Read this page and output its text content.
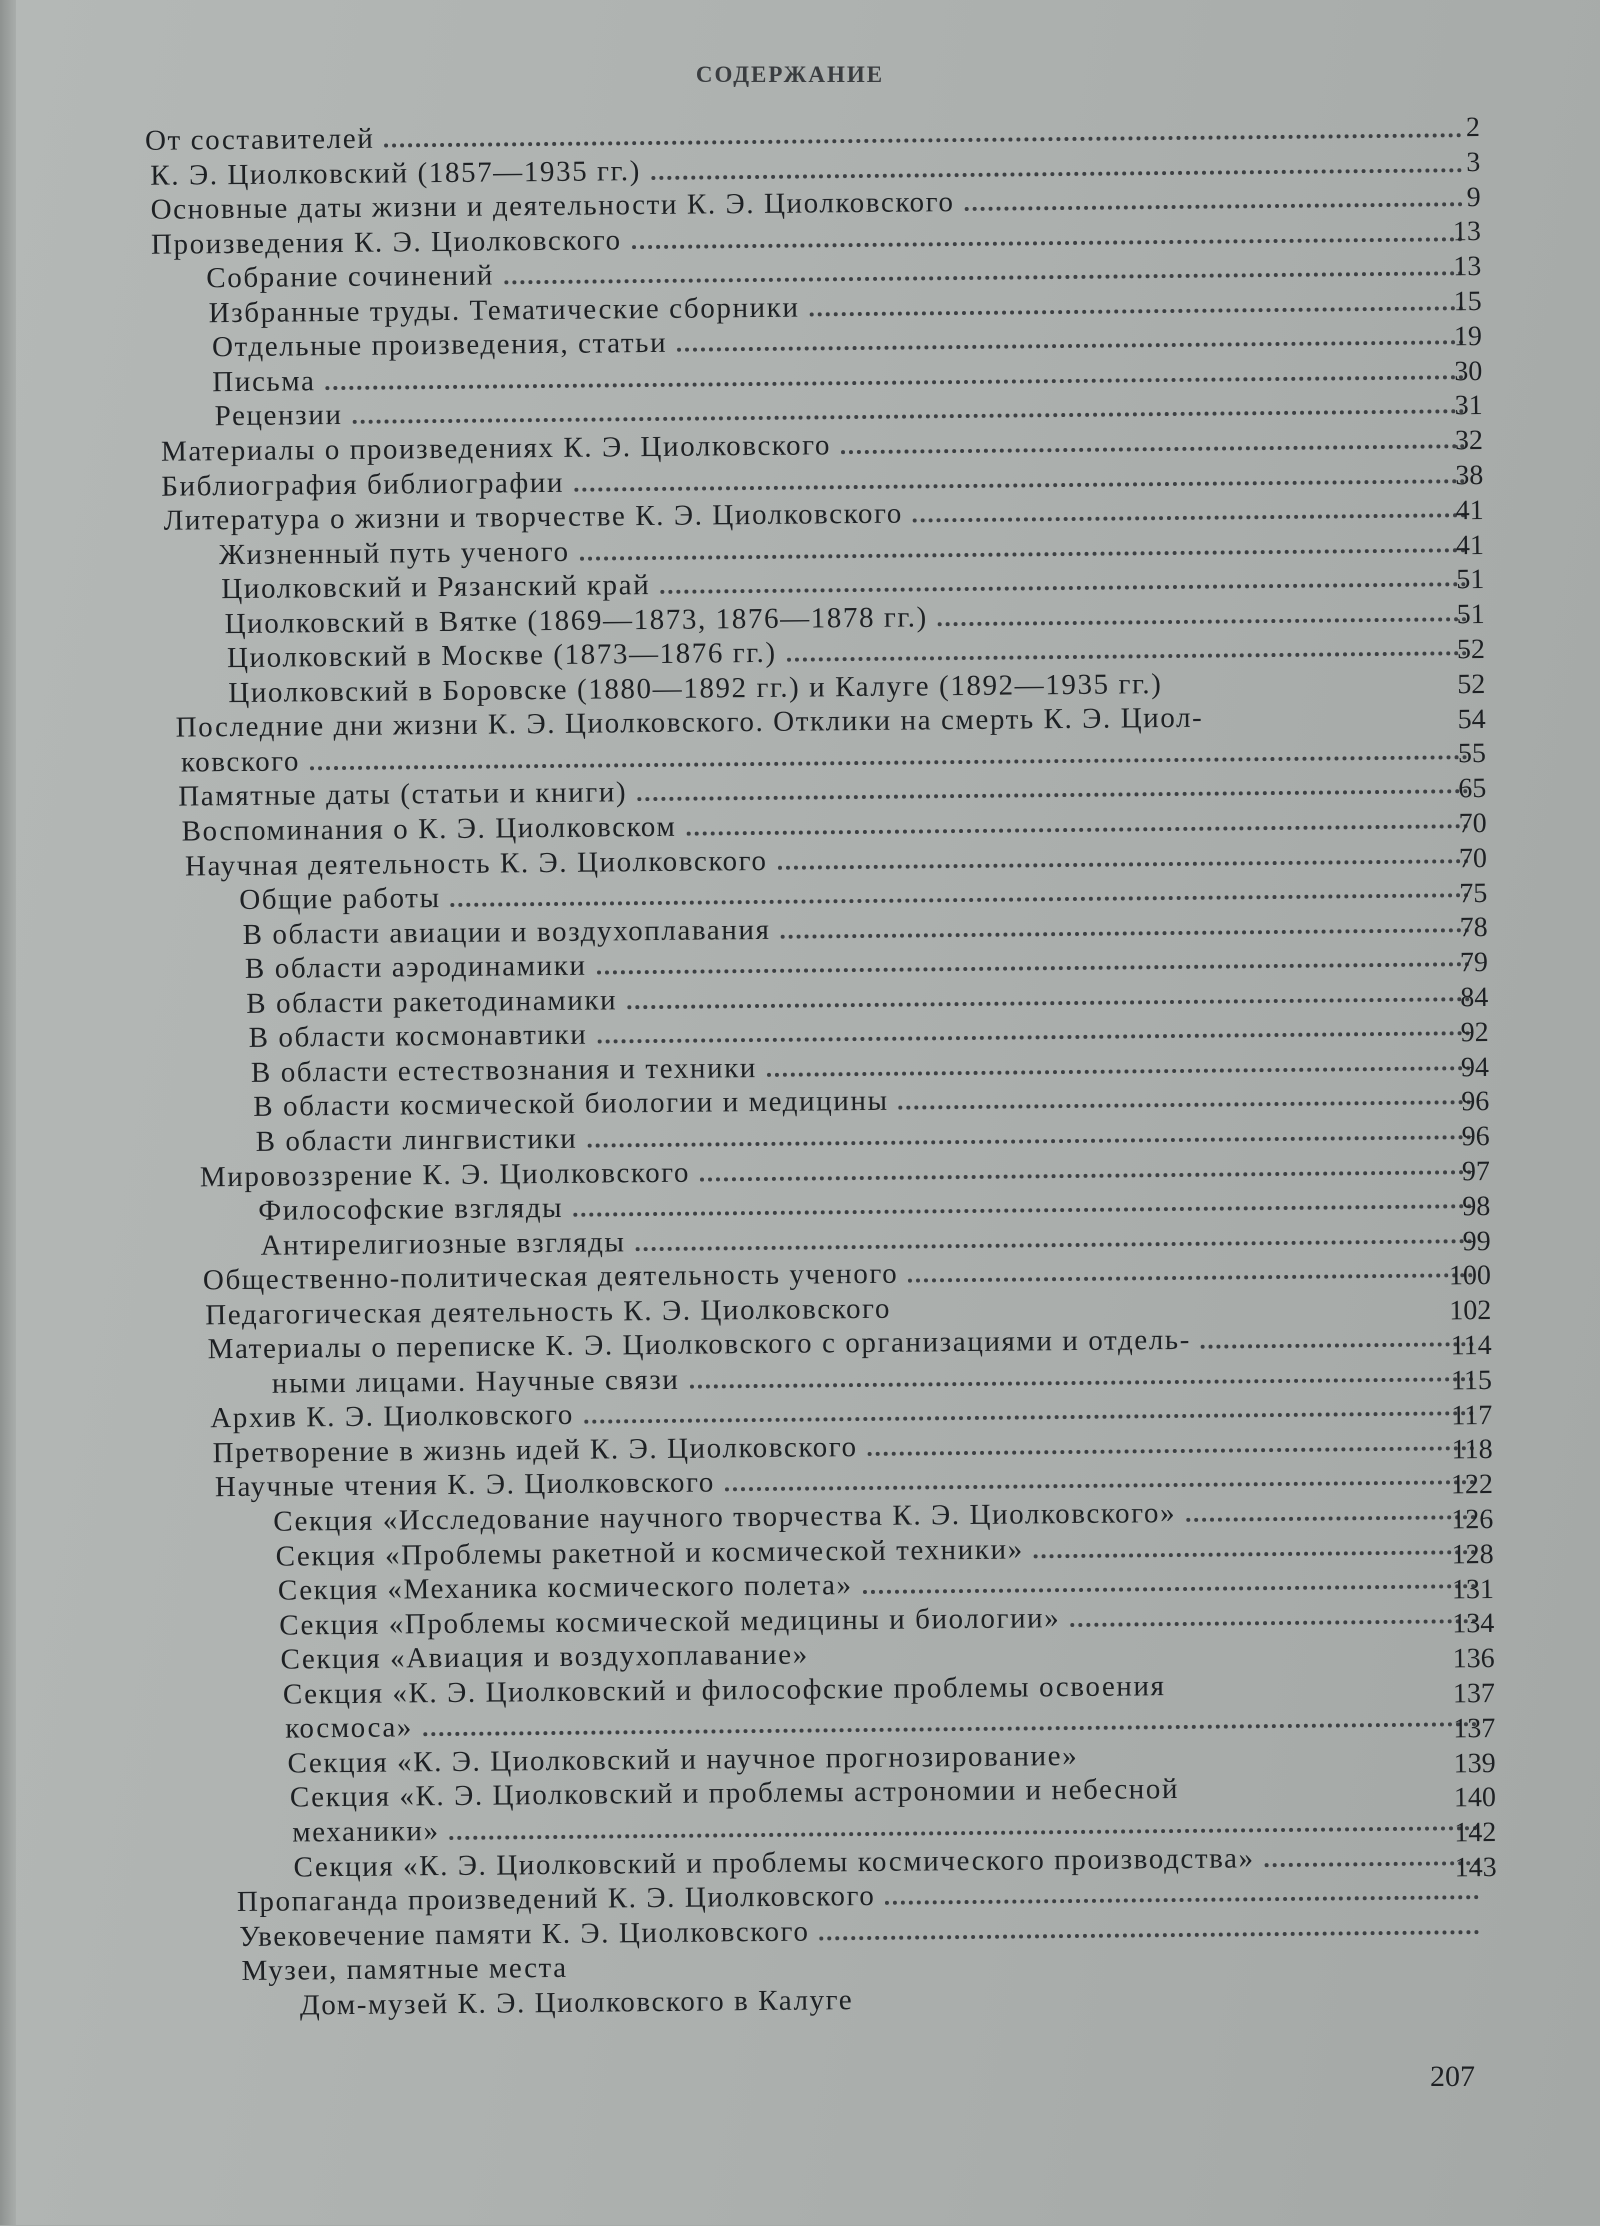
СОДЕРЖАНИЕ
От составителей
К. Э. Циолковский (1857—1935 гг.)
Основные даты жизни и деятельности К. Э. Циолковского
Произведения К. Э. Циолковского
Собрание сочинений
Избранные труды. Тематические сборники
Отдельные произведения, статьи
Письма
Рецензии
Материалы о произведениях К. Э. Циолковского
Библиография библиографии
Литература о жизни и творчестве К. Э. Циолковского
Жизненный путь ученого
Циолковский и Рязанский край
Циолковский в Вятке (1869—1873, 1876—1878 гг.)
Циолковский в Москве (1873—1876 гг.)
Циолковский в Боровске (1880—1892 гг.) и Калуге (1892—1935 гг.)
Последние дни жизни К. Э. Циолковского. Отклики на смерть К. Э. Циол-
ковского
Памятные даты (статьи и книги)
Воспоминания о К. Э. Циолковском
Научная деятельность К. Э. Циолковского
Общие работы
В области авиации и воздухоплавания
В области аэродинамики
В области ракетодинамики
В области космонавтики
В области естествознания и техники
В области космической биологии и медицины
В области лингвистики
Мировоззрение К. Э. Циолковского
Философские взгляды
Антирелигиозные взгляды
Общественно-политическая деятельность ученого
Педагогическая деятельность К. Э. Циолковского
Материалы о переписке К. Э. Циолковского с организациями и отдель-
ными лицами. Научные связи
Архив К. Э. Циолковского
Претворение в жизнь идей К. Э. Циолковского
Научные чтения К. Э. Циолковского
Секция «Исследование научного творчества К. Э. Циолковского»
Секция «Проблемы ракетной и космической техники»
Секция «Механика космического полета»
Секция «Проблемы космической медицины и биологии»
Секция «Авиация и воздухоплавание»
Секция «К. Э. Циолковский и философские проблемы освоения
космоса»
Секция «К. Э. Циолковский и научное прогнозирование»
Секция «К. Э. Циолковский и проблемы астрономии и небесной
механики»
Секция «К. Э. Циолковский и проблемы космического производства»
Пропаганда произведений К. Э. Циолковского
Увековечение памяти К. Э. Циолковского
Музеи, памятные места
Дом-музей К. Э. Циолковского в Калуге
2
3
9
13
13
15
19
30
31
32
38
41
41
51
51
52
52
54
55
65
70
70
75
78
79
84
92
94
96
96
97
98
99
100
102
114
115
117
118
122
126
128
131
134
136
137
137
139
140
142
143
207
